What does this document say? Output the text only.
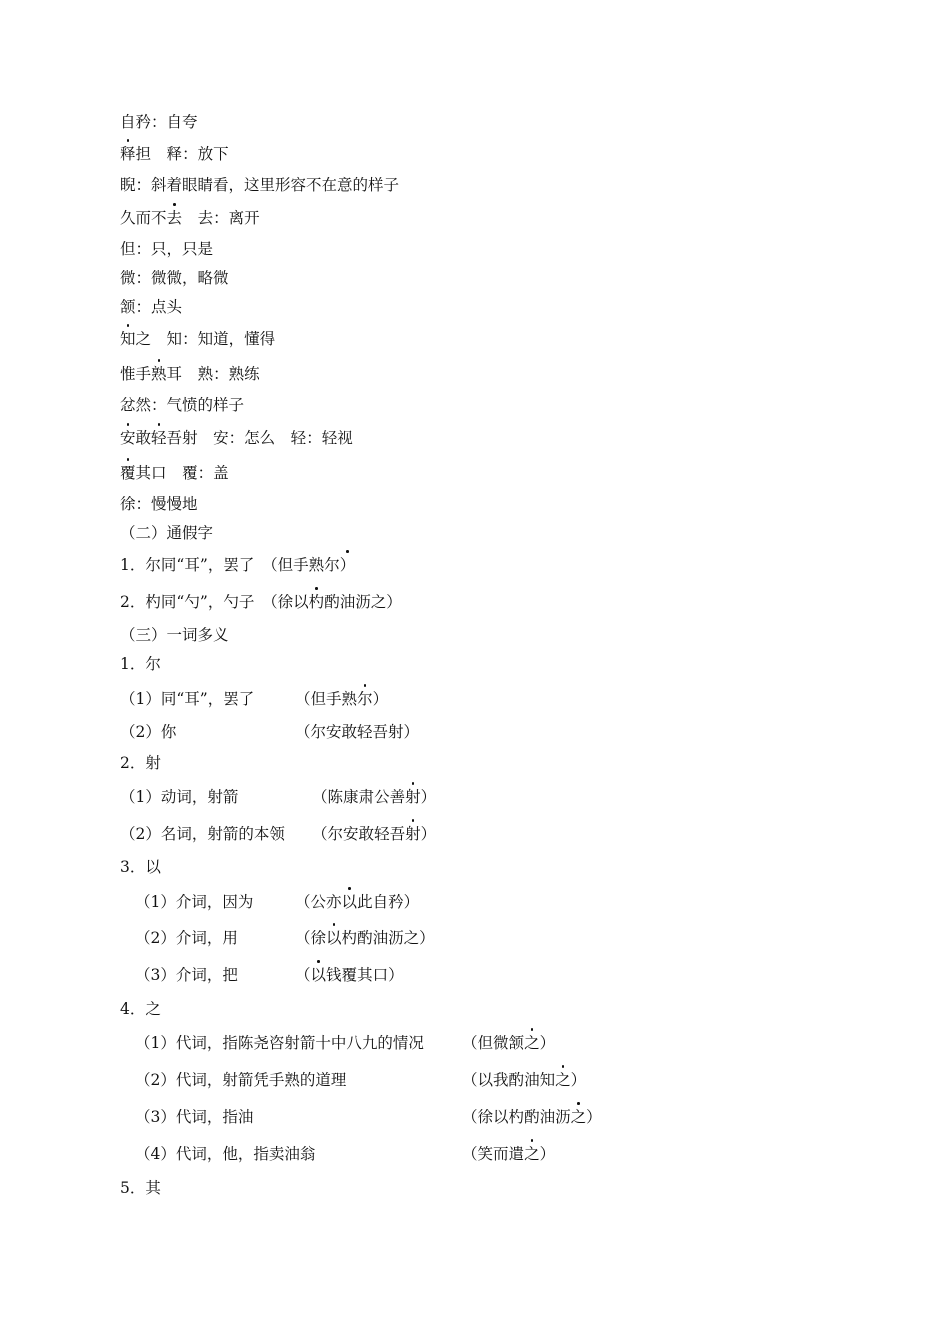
自矜：自夸
释担　 释：放下
睨：斜着眼睛看，这里形容不在意的样子
久而不去　 去：离开
但：只，只是
微：微微，略微
颔：点头
知之　 知：知道，懂得
惟手熟耳　 熟：熟练
忿然：气愤的样子
安敢轻吾射　 安：怎么　 轻：轻视
覆其口　 覆：盖
徐：慢慢地
（二）通假字
1．尔同“耳”，罢了　 （但手熟尔）
2．杓同“勺”，勺子　 （徐以杓酌油沥之）
（三）一词多义
1．尔
（1）同“耳”，罢了	（但手熟尔）
（2）你	（尔安敢轻吾射）
2．射
（1）动词，射箭	（陈康肃公善射）
（2）名词，射箭的本领 （尔安敢轻吾射）
3．以
（1）介词，因为	（公亦以此自矜）
（2）介词，用	（徐以杓酌油沥之）
（3）介词，把	（以钱覆其口）
4．之
（1）代词，指陈尧咨射箭十中八九的情况 （但微颔之）
（2）代词，射箭凭手熟的道理	（以我酌油知之）
（3）代词，指油	（徐以杓酌油沥之）
（4）代词，他，指卖油翁	（笑而遣之）
5．其
